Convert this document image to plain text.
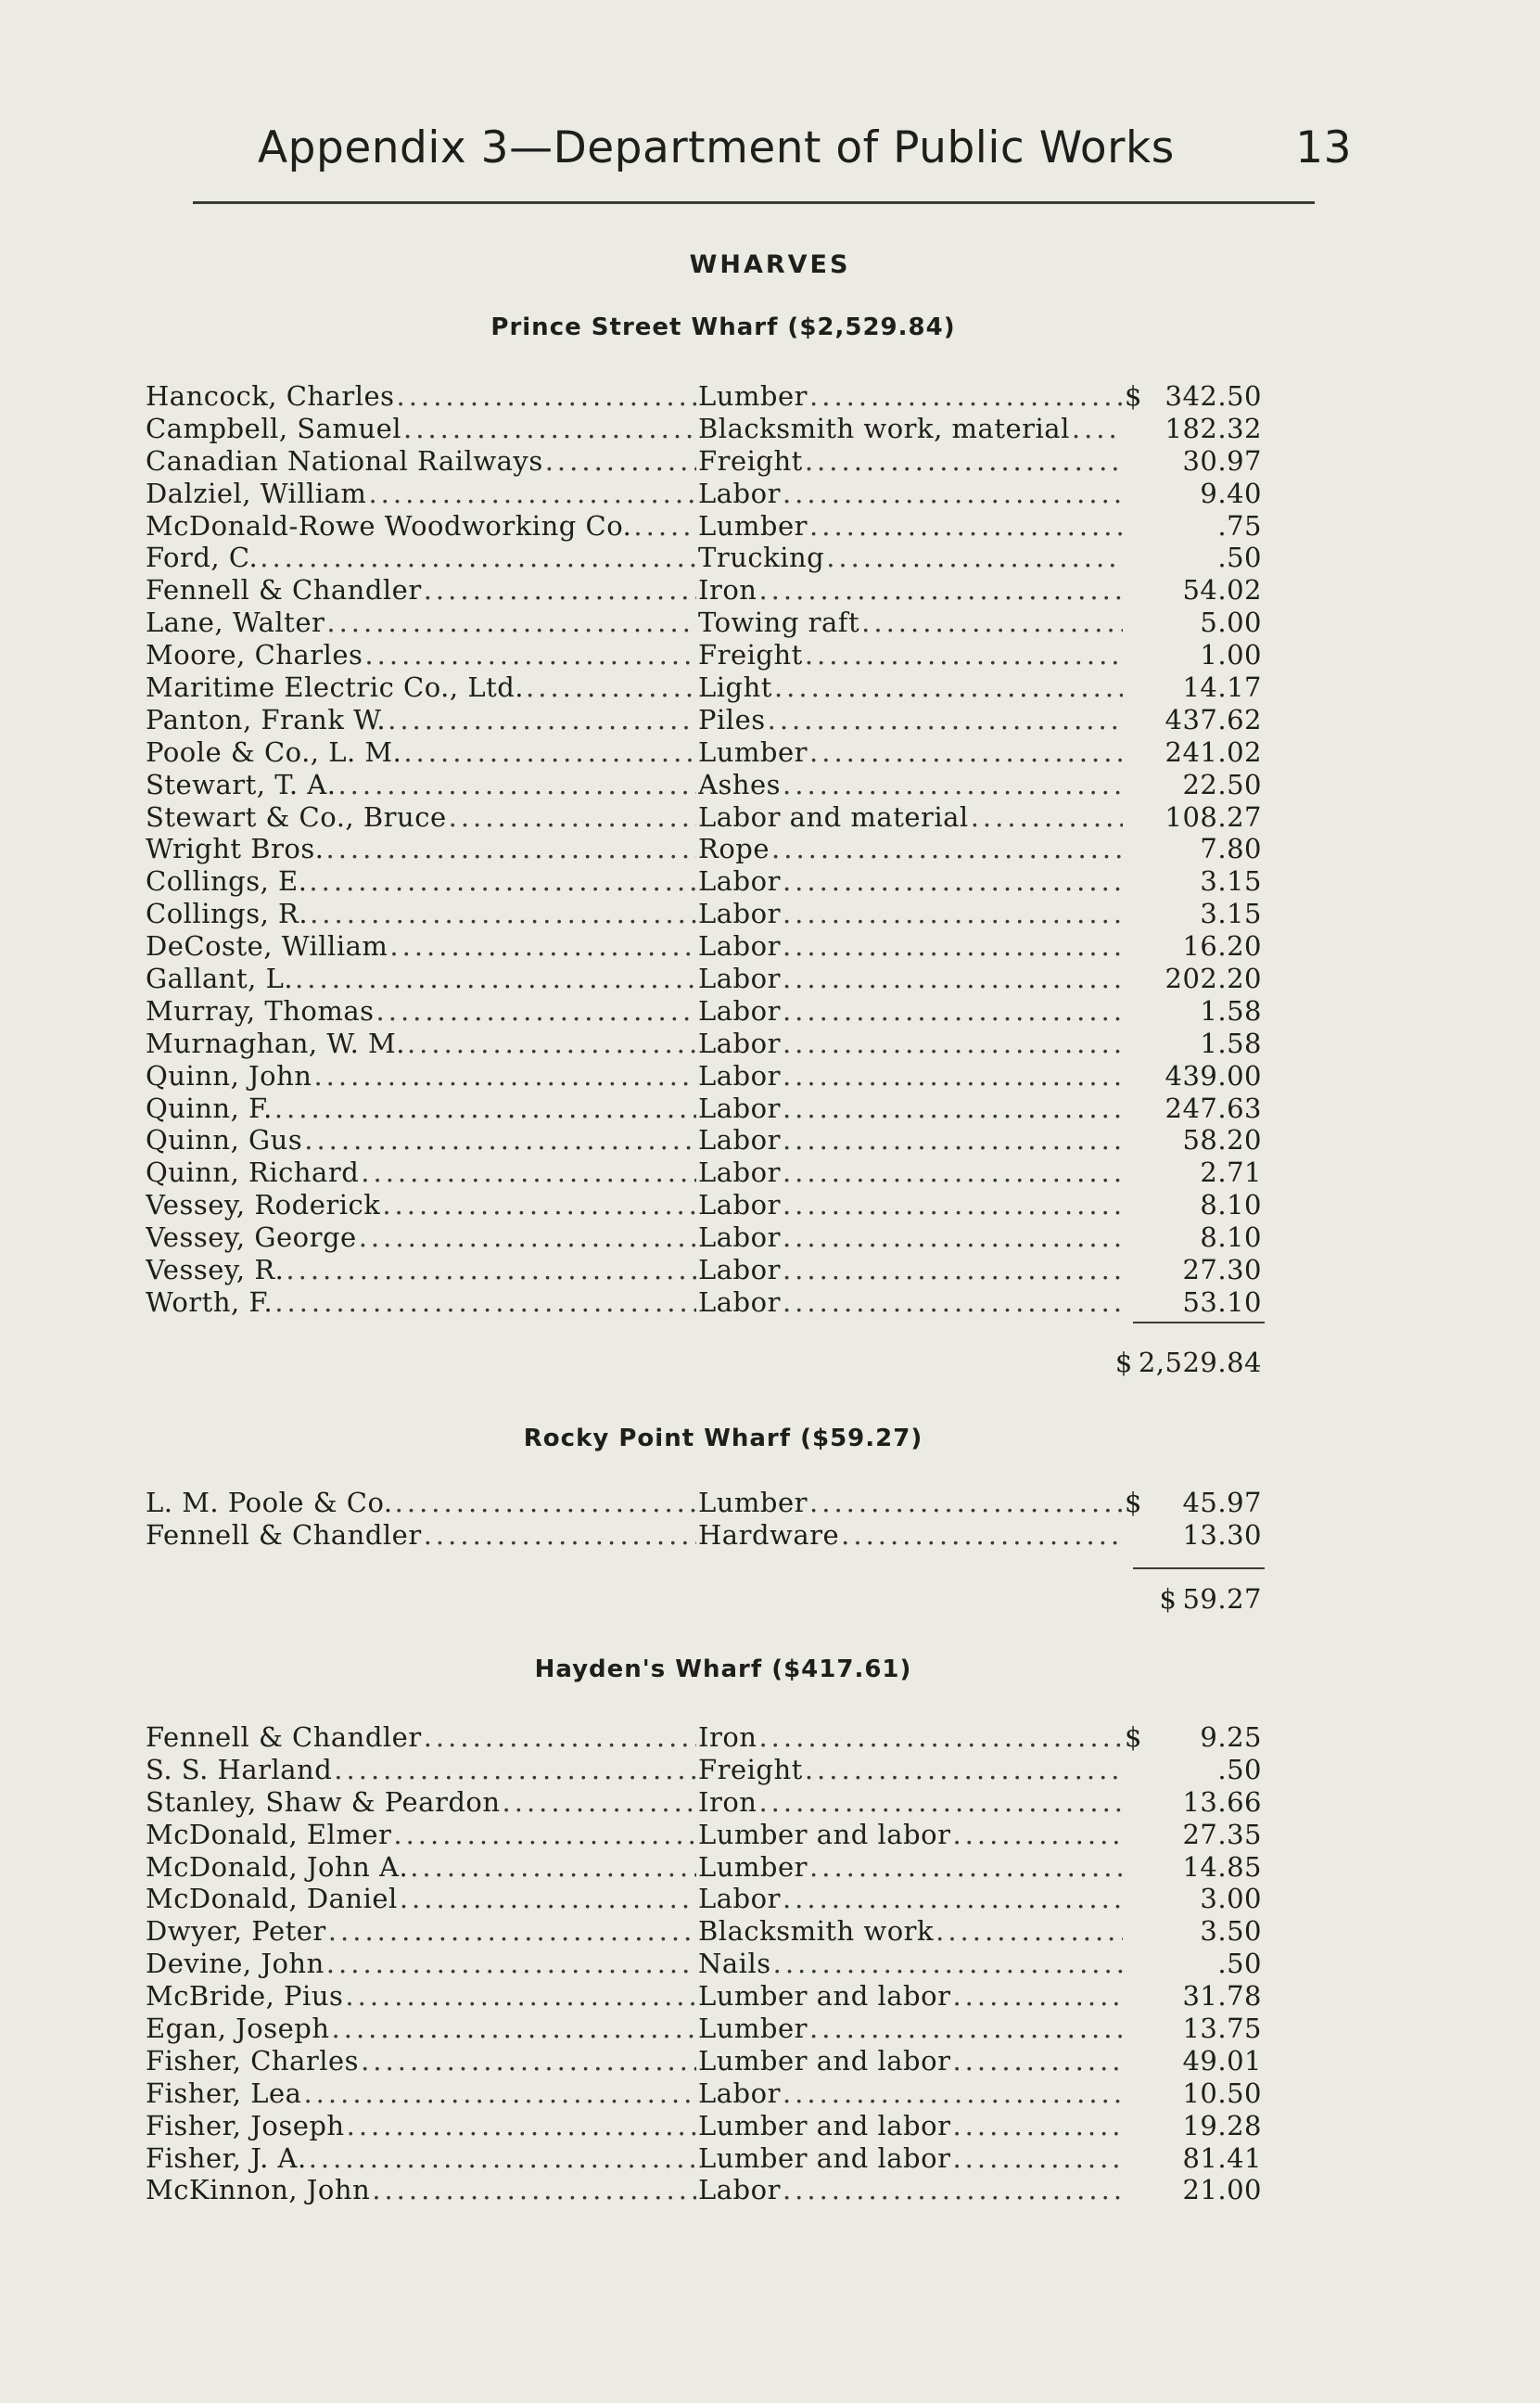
Appendix 3—Department of Public Works	13
WHARVES
Prince Street Wharf ($2,529.84)
Hancock, Charles .....	Lumber .....	$ 342.50
Campbell, Samuel .....	Blacksmith work, material .....	182.32
Canadian National Railways .....	Freight .....	30.97
Dalziel, William .....	Labor .....	9.40
McDonald-Rowe Woodworking Co. ..... Lumber .....	.75
Ford, C. .....	Trucking .....	.50
Fennell & Chandler .....	Iron .....	54.02
Lane, Walter .....	Towing raft .....	5.00
Moore, Charles .....	Freight .....	1.00
Maritime Electric Co., Ltd. .....	Light .....	14.17
Panton, Frank W. .....	Piles .....	437.62
Poole & Co., L. M. .....	Lumber .....	241.02
Stewart, T. A. .....	Ashes .....	22.50
Stewart & Co., Bruce .....	Labor and material .....	108.27
Wright Bros. .....	Rope .....	7.80
Collings, E. .....	Labor .....	3.15
Collings, R. .....	Labor .....	3.15
DeCoste, William .....	Labor .....	16.20
Gallant, L. .....	Labor .....	202.20
Murray, Thomas .....	Labor .....	1.58
Murnaghan, W. M. .....	Labor .....	1.58
Quinn, John .....	Labor .....	439.00
Quinn, F. .....	Labor .....	247.63
Quinn, Gus .....	Labor .....	58.20
Quinn, Richard .....	Labor .....	2.71
Vessey, Roderick .....	Labor .....	8.10
Vessey, George .....	Labor .....	8.10
Vessey, R. .....	Labor .....	27.30
Worth, F. .....	Labor .....	53.10
$ 2,529.84
Rocky Point Wharf ($59.27)
L. M. Poole & Co. .....	Lumber .....	$	45.97
Fennell & Chandler .....	Hardware .....	13.30
$ 59.27
Hayden's Wharf ($417.61)
Fennell & Chandler .....	Iron .....	$	9.25
S. S. Harland .....	Freight .....	.50
Stanley, Shaw & Peardon .....	Iron .....	13.66
McDonald, Elmer .....	Lumber and labor .....	27.35
McDonald, John A. .....	Lumber .....	14.85
McDonald, Daniel .....	Labor .....	3.00
Dwyer, Peter .....	Blacksmith work .....	3.50
Devine, John .....	Nails .....	.50
McBride, Pius .....	Lumber and labor .....	31.78
Egan, Joseph .....	Lumber .....	13.75
Fisher, Charles .....	Lumber and labor .....	49.01
Fisher, Lea .....	Labor .....	10.50
Fisher, Joseph .....	Lumber and labor .....	19.28
Fisher, J. A. .....	Lumber and labor .....	81.41
McKinnon, John .....	Labor .....	21.00
